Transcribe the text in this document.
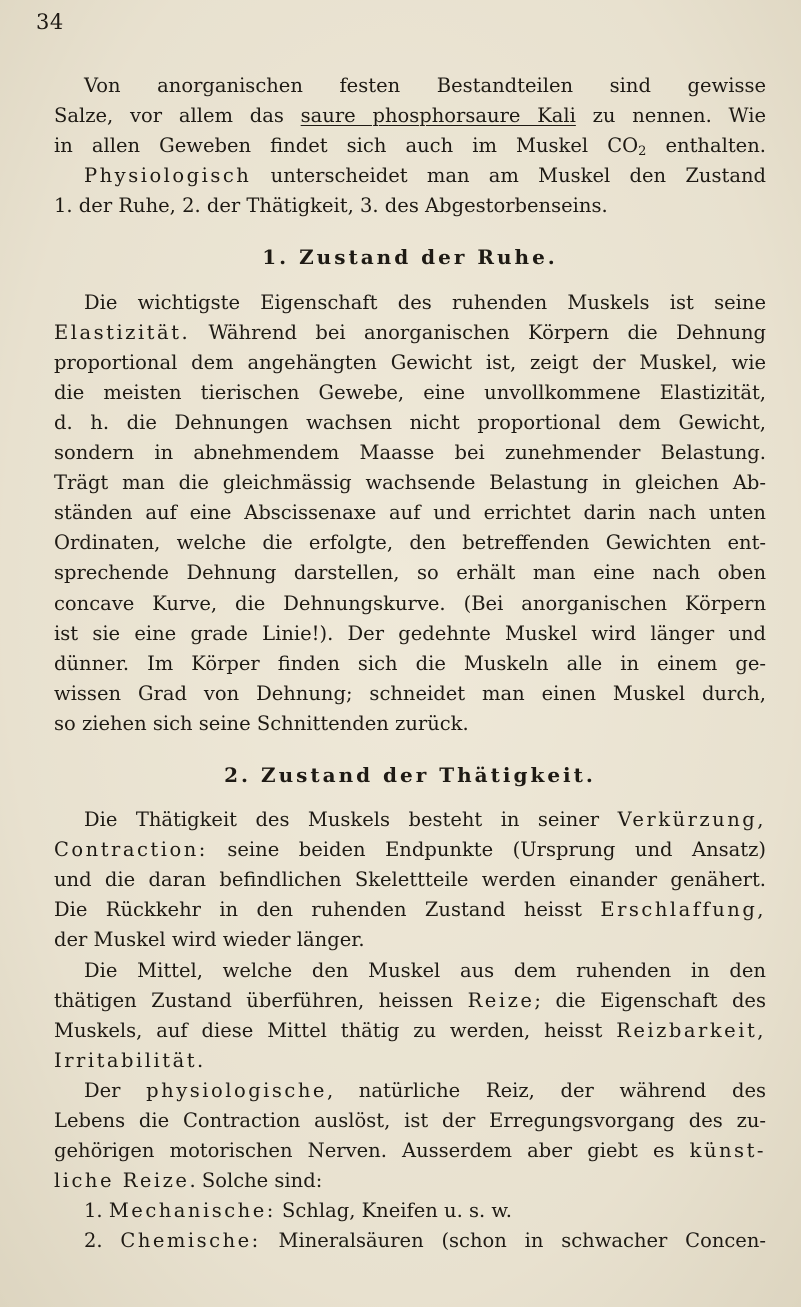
34
Von anorganischen festen Bestandteilen sind gewisse
Salze, vor allem das saure phosphorsaure Kali zu nennen. Wie
in allen Geweben findet sich auch im Muskel $CO_2$ enthalten.
Physiologisch unterscheidet man am Muskel den Zustand
1. der Ruhe, 2. der Thätigkeit, 3. des Abgestorbenseins.
1. Zustand der Ruhe.
Die wichtigste Eigenschaft des ruhenden Muskels ist seine
Elastizität. Während bei anorganischen Körpern die Dehnung
proportional dem angehängten Gewicht ist, zeigt der Muskel, wie
die meisten tierischen Gewebe, eine unvollkommene Elastizität,
d. h. die Dehnungen wachsen nicht proportional dem Gewicht,
sondern in abnehmendem Maasse bei zunehmender Belastung.
Trägt man die gleichmässig wachsende Belastung in gleichen Ab-
ständen auf eine Abscissenaxe auf und errichtet darin nach unten
Ordinaten, welche die erfolgte, den betreffenden Gewichten ent-
sprechende Dehnung darstellen, so erhält man eine nach oben
concave Kurve, die Dehnungskurve. (Bei anorganischen Körpern
ist sie eine grade Linie!). Der gedehnte Muskel wird länger und
dünner. Im Körper finden sich die Muskeln alle in einem ge-
wissen Grad von Dehnung; schneidet man einen Muskel durch,
so ziehen sich seine Schnittenden zurück.
2. Zustand der Thätigkeit.
Die Thätigkeit des Muskels besteht in seiner Verkürzung,
Contraction: seine beiden Endpunkte (Ursprung und Ansatz)
und die daran befindlichen Skelettteile werden einander genähert.
Die Rückkehr in den ruhenden Zustand heisst Erschlaffung,
der Muskel wird wieder länger.
Die Mittel, welche den Muskel aus dem ruhenden in den
thätigen Zustand überführen, heissen Reize; die Eigenschaft des
Muskels, auf diese Mittel thätig zu werden, heisst Reizbarkeit,
Irritabilität.
Der physiologische, natürliche Reiz, der während des
Lebens die Contraction auslöst, ist der Erregungsvorgang des zu-
gehörigen motorischen Nerven. Ausserdem aber giebt es künst-
liche Reize. Solche sind:
1. Mechanische: Schlag, Kneifen u. s. w.
2. Chemische: Mineralsäuren (schon in schwacher Concen-
